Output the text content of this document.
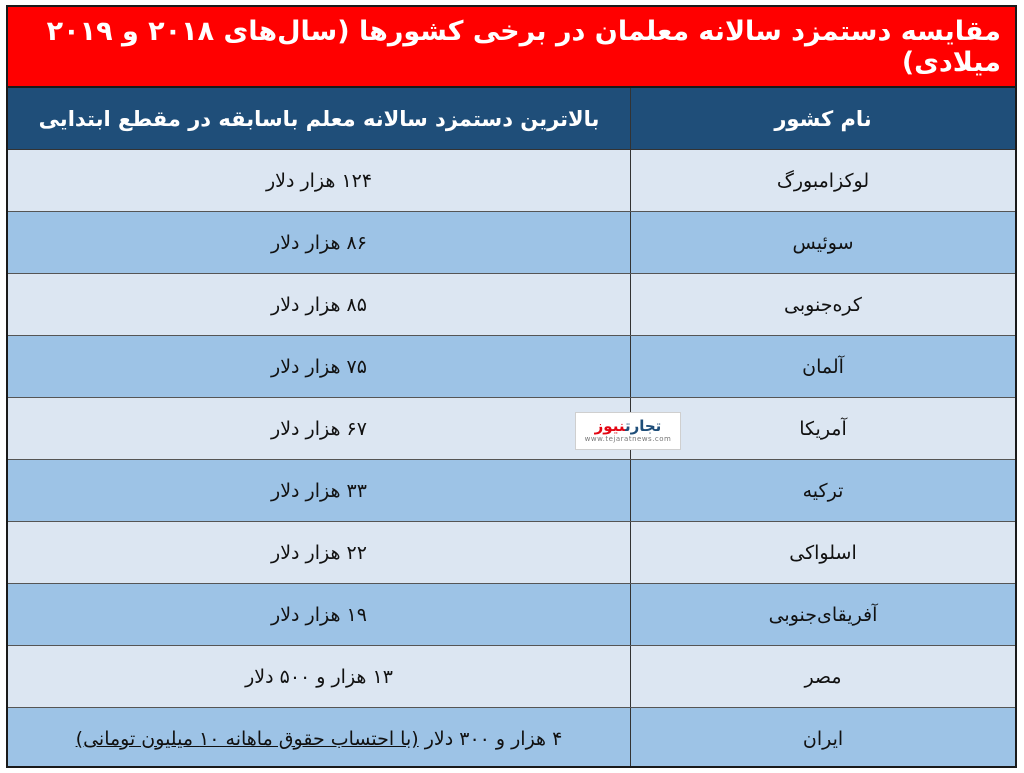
مقایسه دستمزد سالانه معلمان در برخی کشورها (سال‌های ۲۰۱۸ و ۲۰۱۹ میلادی)
نام کشور
بالاترین دستمزد سالانه معلم باسابقه در مقطع ابتدایی
لوکزامبورگ
۱۲۴ هزار دلار
سوئیس
۸۶ هزار دلار
کره‌جنوبی
۸۵ هزار دلار
آلمان
۷۵ هزار دلار
آمریکا
۶۷ هزار دلار
ترکیه
۳۳ هزار دلار
اسلواکی
۲۲ هزار دلار
آفریقای‌جنوبی
۱۹ هزار دلار
مصر
۱۳ هزار و ۵۰۰ دلار
ایران
۴ هزار و ۳۰۰ دلار

(با احتساب حقوق ماهانه ۱۰ میلیون تومانی)
تجارتنیوز
www.tejaratnews.com
